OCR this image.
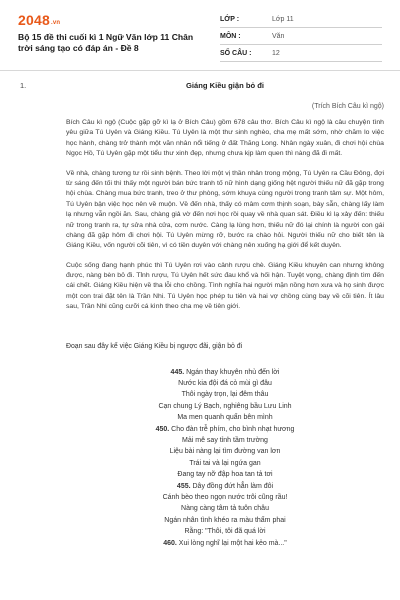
2048.vn
Bộ 15 đề thi cuối kì 1 Ngữ Văn lớp 11 Chân trời sáng tạo có đáp án - Đề 8
LỚP :	Lớp 11
MÔN :	Văn
SỐ CÂU :	12
1.	Giáng Kiều giận bỏ đi
(Trích Bích Câu kì ngộ)

Bích Câu kì ngộ (Cuộc gặp gỡ kì lạ ở Bích Câu) gồm 678 câu thơ. Bích Câu kì ngộ là câu chuyện tình yêu giữa Tú Uyên và Giáng Kiều. Tú Uyên là một thư sinh nghèo, cha mẹ mất sớm, nhờ chăm lo việc học hành, chàng trở thành một văn nhân nổi tiếng ở đất Thăng Long. Nhân ngày xuân, đi chơi hội chùa Ngọc Hồ, Tú Uyên gặp một tiểu thư xinh đẹp, nhưng chưa kịp làm quen thì nàng đã đi mất.

Về nhà, chàng tương tư rồi sinh bệnh. Theo lời một vị thần nhân trong mộng, Tú Uyên ra Cầu Đông, đợi từ sáng đến tối thì thấy một người bán bức tranh tố nữ hình dạng giống hệt người thiếu nữ đã gặp trong hội chùa. Chàng mua bức tranh, treo ở thư phòng, sớm khuya cùng người trong tranh tâm sự. Một hôm, Tú Uyên bận việc học nên về muộn. Về đến nhà, thấy có mâm cơm thịnh soạn, bày sẵn, chàng lấy làm lạ nhưng vẫn ngồi ăn. Sau, chàng giả vờ đến nơi học rồi quay về nhà quan sát. Điều kì lạ xảy đến: thiếu nữ trong tranh ra, tự sửa nhà cửa, cơm nước. Càng lạ lùng hơn, thiếu nữ đó lại chính là người con gái chàng đã gặp hôm đi chơi hội. Tú Uyên mừng rỡ, bước ra chào hỏi. Người thiếu nữ cho biết tên là Giáng Kiều, vốn người cõi tiên, vì có tiền duyên với chàng nên xuống hạ giới để kết duyên.

Cuộc sống đang hạnh phúc thì Tú Uyên rơi vào cảnh rượu chè. Giáng Kiều khuyên can nhưng không được, nàng bèn bỏ đi. Tỉnh rượu, Tú Uyên hết sức đau khổ và hối hận. Tuyệt vọng, chàng định tìm đến cái chết. Giáng Kiều hiện về tha lỗi cho chồng. Tình nghĩa hai người mặn nồng hơn xưa và họ sinh được một con trai đặt tên là Trần Nhi. Tú Uyên học phép tu tiên và hai vợ chồng cùng bay về cõi tiên. Ít lâu sau, Trần Nhi cũng cưỡi cá kình theo cha mẹ về tiên giới.

Đoạn sau đây kể việc Giáng Kiều bị ngược đãi, giận bỏ đi
445. Ngán thay khuyên nhủ đến lời
Nước kia đội đá cỏ mùi gì đâu
Thôi ngày trọn, lại đêm thâu
Cạn chung Lý Bạch, nghiêng bầu Lưu Linh
Ma men quanh quẩn bên mình
450. Cho đàn trễ phím, cho bình nhạt hương
Mải mê say tỉnh tầm trường
Liệu bài nàng lại tìm đường van lơn
Trái tai và lại ngứa gan
Đang tay nỡ đập hoa tan tả tơi
455. Dây đồng đứt hẳn làm đôi
Cánh bèo theo ngọn nước trôi cũng rầu!
Nàng càng tâm tả tuôn châu
Ngán nhân tình khéo ra màu thẩm phai
Rằng: "Thôi, tôi đã quá lời
460. Xui lòng nghĩ lại một hai kẻo mà..."
